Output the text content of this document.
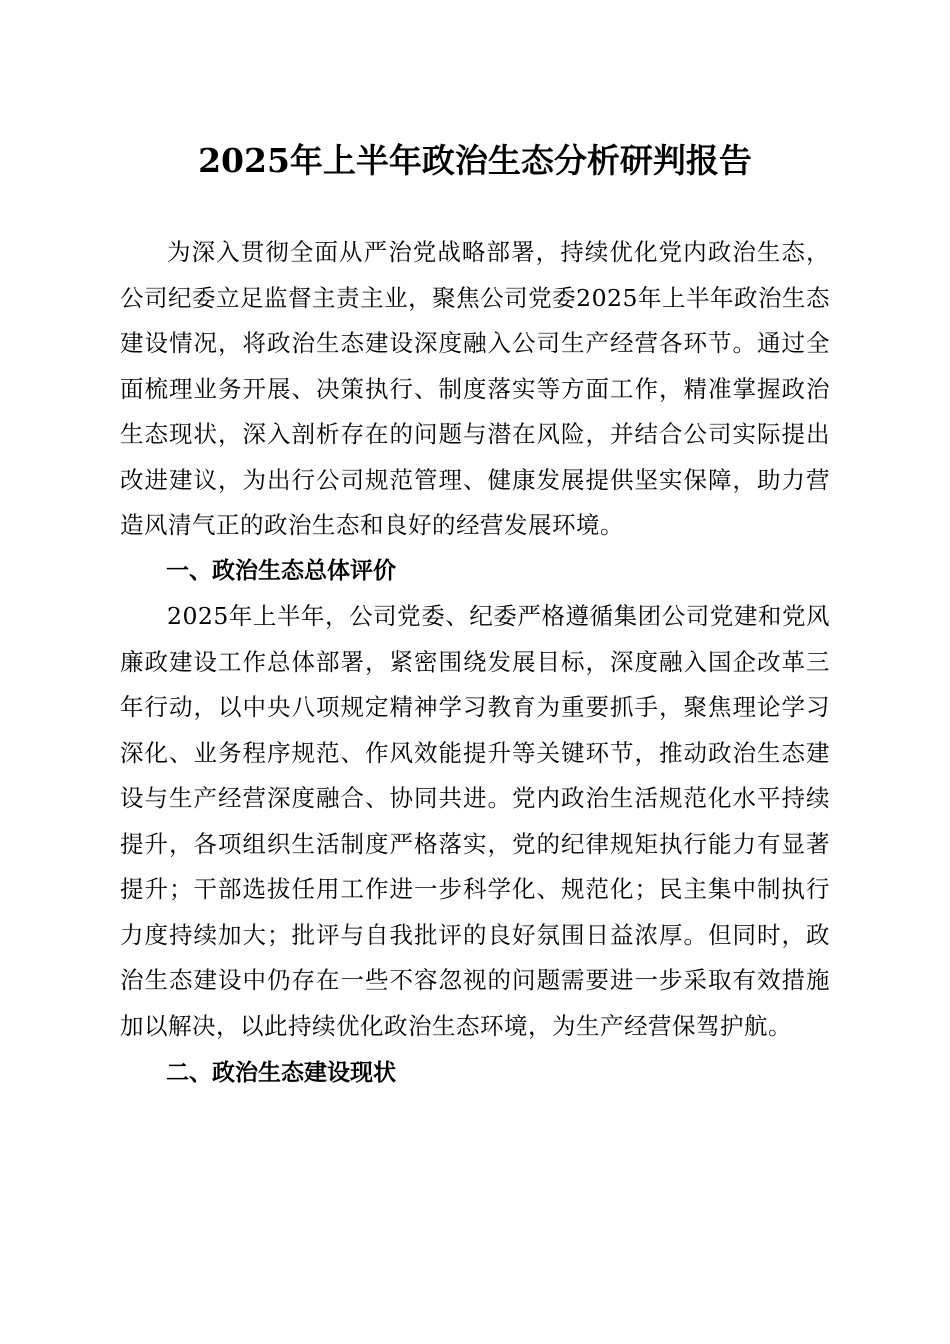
2025年上半年政治生态分析研判报告

为深入贯彻全面从严治党战略部署，持续优化党内政治生态，公司纪委立足监督主责主业，聚焦公司党委2025年上半年政治生态建设情况，将政治生态建设深度融入公司生产经营各环节。通过全面梳理业务开展、决策执行、制度落实等方面工作，精准掌握政治生态现状，深入剖析存在的问题与潜在风险，并结合公司实际提出改进建议，为出行公司规范管理、健康发展提供坚实保障，助力营造风清气正的政治生态和良好的经营发展环境。

一、政治生态总体评价

2025年上半年，公司党委、纪委严格遵循集团公司党建和党风廉政建设工作总体部署，紧密围绕发展目标，深度融入国企改革三年行动，以中央八项规定精神学习教育为重要抓手，聚焦理论学习深化、业务程序规范、作风效能提升等关键环节，推动政治生态建设与生产经营深度融合、协同共进。党内政治生活规范化水平持续提升，各项组织生活制度严格落实，党的纪律规矩执行能力有显著提升；干部选拔任用工作进一步科学化、规范化；民主集中制执行力度持续加大；批评与自我批评的良好氛围日益浓厚。但同时，政治生态建设中仍存在一些不容忽视的问题需要进一步采取有效措施加以解决，以此持续优化政治生态环境，为生产经营保驾护航。

二、政治生态建设现状
